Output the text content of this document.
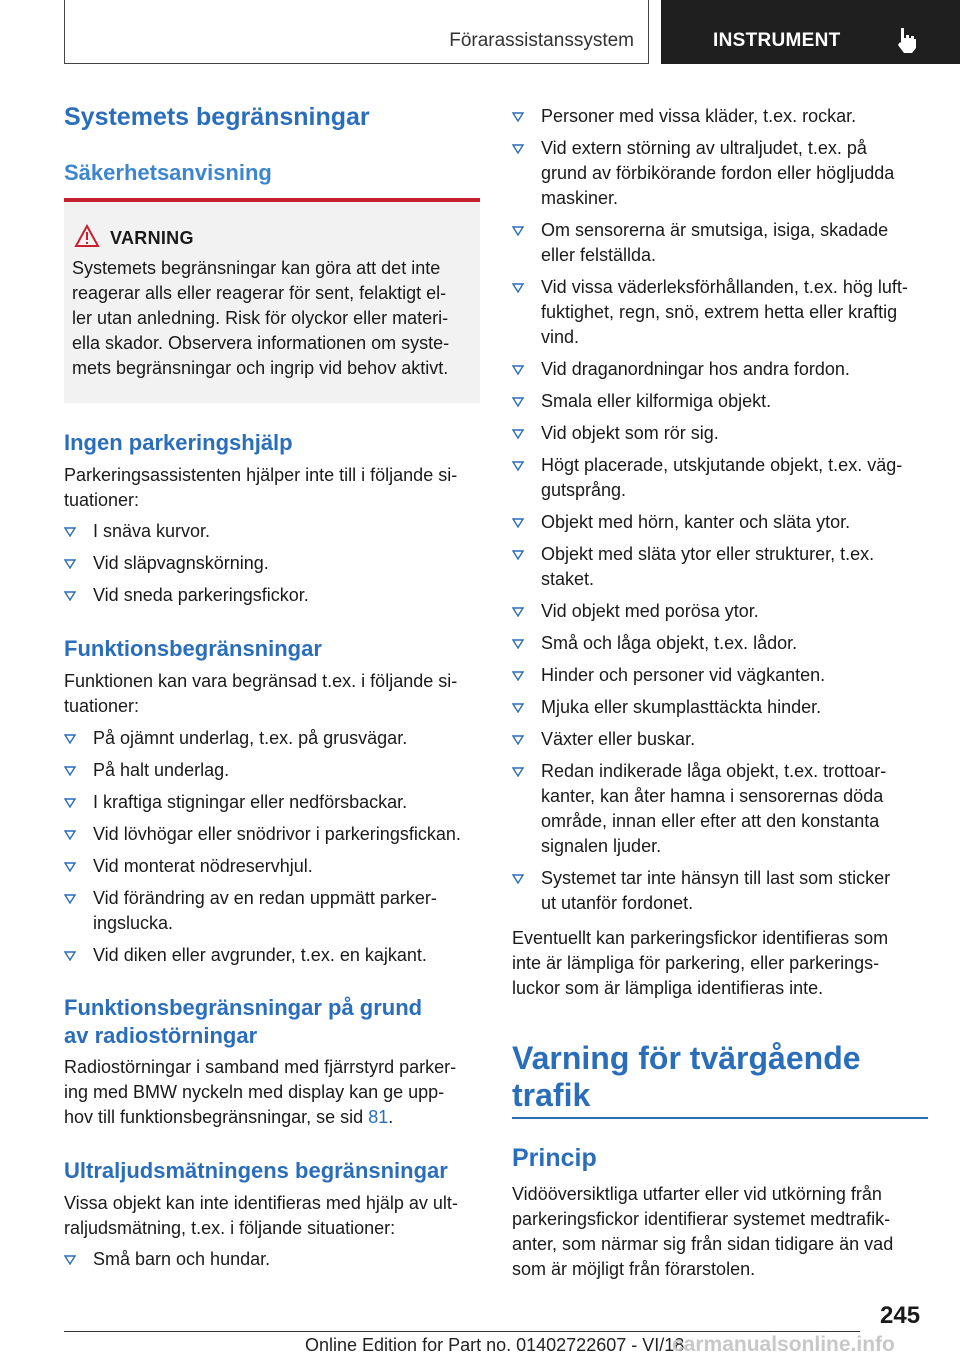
Förarassistanssystem	INSTRUMENT
Systemets begränsningar
Säkerhetsanvisning
VARNING
Systemets begränsningar kan göra att det inte
reagerar alls eller reagerar för sent, felaktigt el-
ler utan anledning. Risk för olyckor eller materi-
ella skador. Observera informationen om syste-
mets begränsningar och ingrip vid behov aktivt.
Ingen parkeringshjälp
Parkeringsassistenten hjälper inte till i följande si-
tuationer:
I snäva kurvor.
Vid släpvagnskörning.
Vid sneda parkeringsfickor.
Funktionsbegränsningar
Funktionen kan vara begränsad t.ex. i följande si-
tuationer:
På ojämnt underlag, t.ex. på grusvägar.
På halt underlag.
I kraftiga stigningar eller nedförsbackar.
Vid lövhögar eller snödrivor i parkeringsfickan.
Vid monterat nödreservhjul.
Vid förändring av en redan uppmätt parker-
ingslucka.
Vid diken eller avgrunder, t.ex. en kajkant.
Funktionsbegränsningar på grund
av radiostörningar
Radiostörningar i samband med fjärrstyrd parker-
ing med BMW nyckeln med display kan ge upp-
hov till funktionsbegränsningar, se sid 81.
Ultraljudsmätningens begränsningar
Vissa objekt kan inte identifieras med hjälp av ult-
raljudsmätning, t.ex. i följande situationer:
Små barn och hundar.
Personer med vissa kläder, t.ex. rockar.
Vid extern störning av ultraljudet, t.ex. på
grund av förbikörande fordon eller högljudda
maskiner.
Om sensorerna är smutsiga, isiga, skadade
eller felställda.
Vid vissa väderleksförhållanden, t.ex. hög luft-
fuktighet, regn, snö, extrem hetta eller kraftig
vind.
Vid draganordningar hos andra fordon.
Smala eller kilformiga objekt.
Vid objekt som rör sig.
Högt placerade, utskjutande objekt, t.ex. väg-
gutsprång.
Objekt med hörn, kanter och släta ytor.
Objekt med släta ytor eller strukturer, t.ex.
staket.
Vid objekt med porösa ytor.
Små och låga objekt, t.ex. lådor.
Hinder och personer vid vägkanten.
Mjuka eller skumplasttäckta hinder.
Växter eller buskar.
Redan indikerade låga objekt, t.ex. trottoar-
kanter, kan åter hamna i sensorernas döda
område, innan eller efter att den konstanta
signalen ljuder.
Systemet tar inte hänsyn till last som sticker
ut utanför fordonet.
Eventuellt kan parkeringsfickor identifieras som
inte är lämpliga för parkering, eller parkerings-
luckor som är lämpliga identifieras inte.
Varning för tvärgående
trafik
Princip
Vidööversiktliga utfarter eller vid utkörning från
parkeringsfickor identifierar systemet medtrafik-
anter, som närmar sig från sidan tidigare än vad
som är möjligt från förarstolen.
245
Online Edition for Part no. 01402722607 - VI/18
carmanualsonline.info
